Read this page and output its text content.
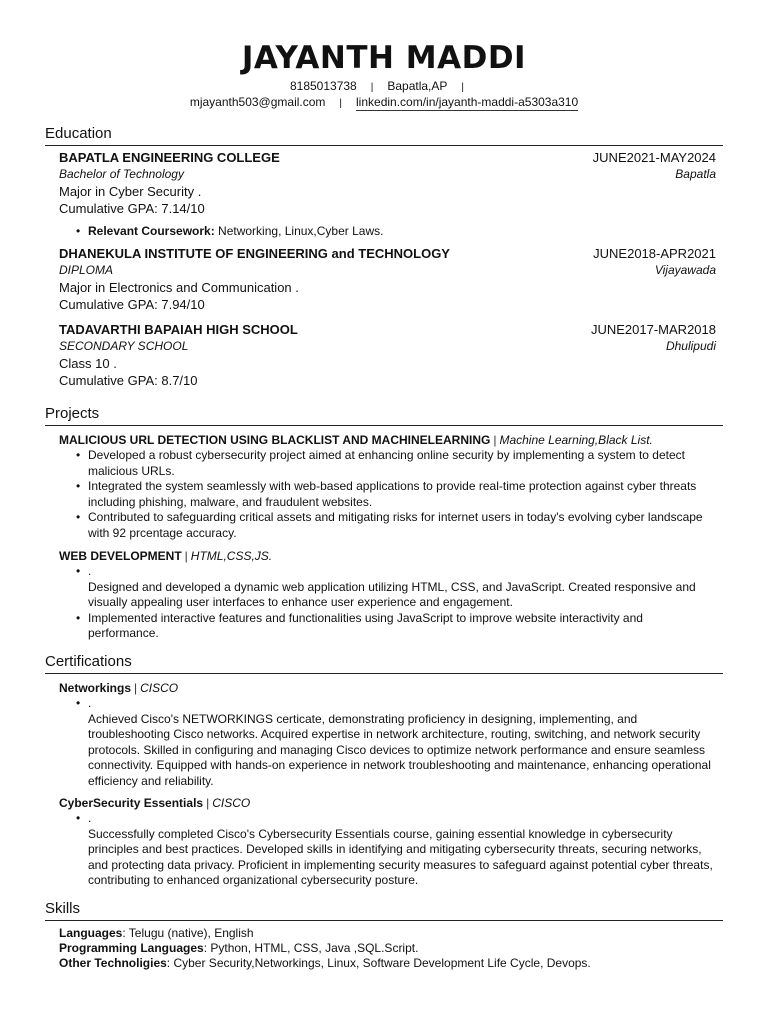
JAYANTH MADDI
8185013738 | Bapatla,AP |
mjayanth503@gmail.com | linkedin.com/in/jayanth-maddi-a5303a310
Education
BAPATLA ENGINEERING COLLEGE	JUNE2021-MAY2024
Bachelor of Technology	Bapatla
Major in Cyber Security .
Cumulative GPA: 7.14/10
• Relevant Coursework: Networking, Linux,Cyber Laws.
DHANEKULA INSTITUTE OF ENGINEERING and TECHNOLOGY	JUNE2018-APR2021
DIPLOMA	Vijayawada
Major in Electronics and Communication .
Cumulative GPA: 7.94/10
TADAVARTHI BAPAIAH HIGH SCHOOL	JUNE2017-MAR2018
SECONDARY SCHOOL	Dhulipudi
Class 10 .
Cumulative GPA: 8.7/10
Projects
MALICIOUS URL DETECTION USING BLACKLIST AND MACHINELEARNING | Machine Learning,Black List.
• Developed a robust cybersecurity project aimed at enhancing online security by implementing a system to detect malicious URLs.
• Integrated the system seamlessly with web-based applications to provide real-time protection against cyber threats including phishing, malware, and fraudulent websites.
• Contributed to safeguarding critical assets and mitigating risks for internet users in today's evolving cyber landscape with 92 prcentage accuracy.
WEB DEVELOPMENT | HTML,CSS,JS.
• .
Designed and developed a dynamic web application utilizing HTML, CSS, and JavaScript. Created responsive and visually appealing user interfaces to enhance user experience and engagement.
• Implemented interactive features and functionalities using JavaScript to improve website interactivity and performance.
Certifications
Networkings | CISCO
• .
Achieved Cisco's NETWORKINGS certicate, demonstrating proficiency in designing, implementing, and troubleshooting Cisco networks. Acquired expertise in network architecture, routing, switching, and network security protocols. Skilled in configuring and managing Cisco devices to optimize network performance and ensure seamless connectivity. Equipped with hands-on experience in network troubleshooting and maintenance, enhancing operational efficiency and reliability.
CyberSecurity Essentials | CISCO
• .
Successfully completed Cisco's Cybersecurity Essentials course, gaining essential knowledge in cybersecurity principles and best practices. Developed skills in identifying and mitigating cybersecurity threats, securing networks, and protecting data privacy. Proficient in implementing security measures to safeguard against potential cyber threats, contributing to enhanced organizational cybersecurity posture.
Skills
Languages: Telugu (native), English
Programming Languages: Python, HTML, CSS, Java ,SQL.Script.
Other Technoligies: Cyber Security,Networkings, Linux, Software Development Life Cycle, Devops.
